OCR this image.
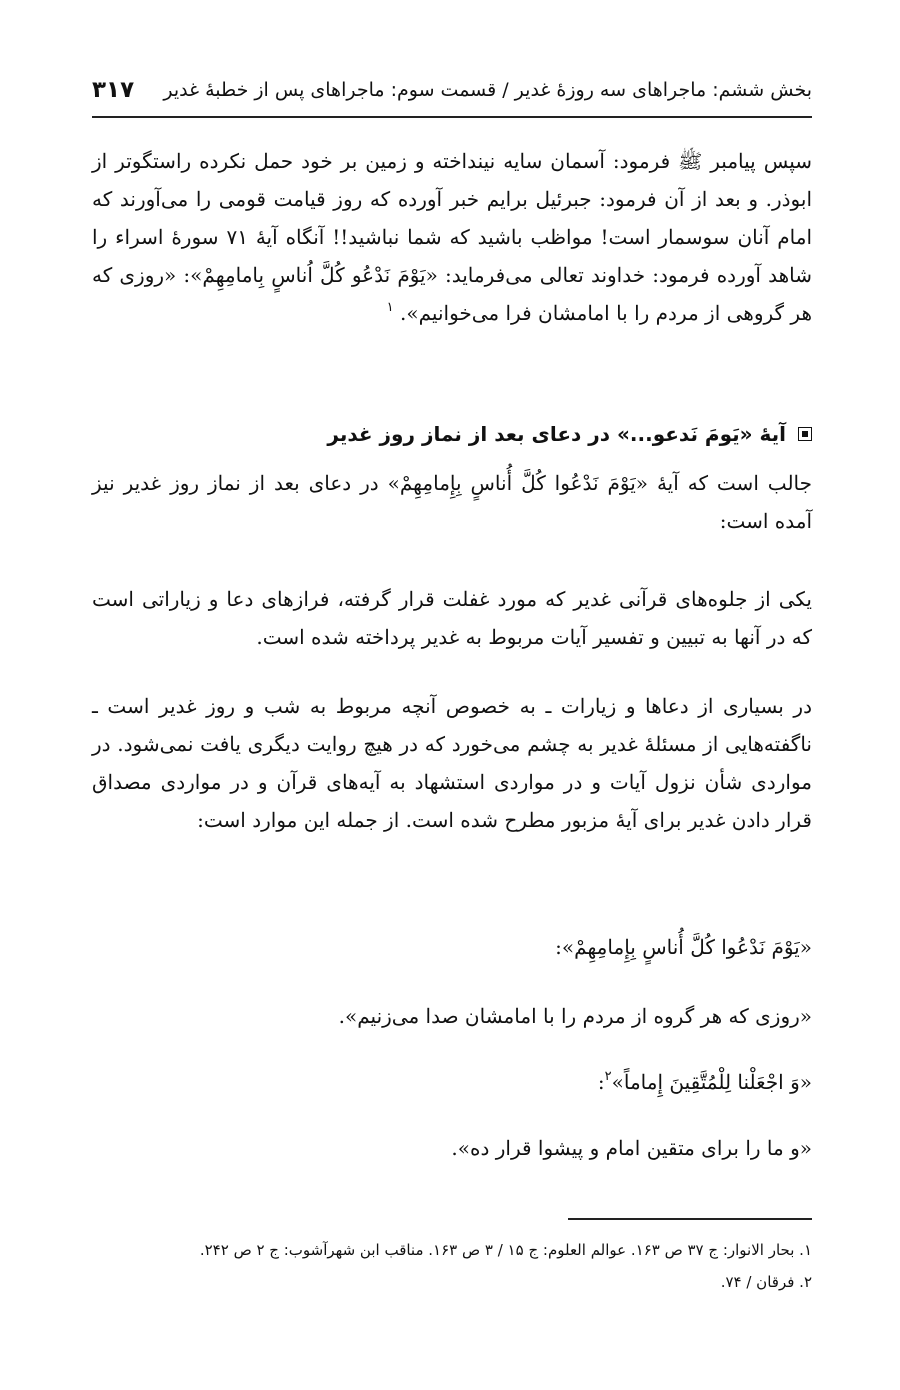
بخش ششم: ماجراهای سه روزهٔ غدیر / قسمت سوم: ماجراهای پس از خطبهٔ غدیر
۳۱۷

سپس پیامبر ﷺ فرمود: آسمان سایه نینداخته و زمین بر خود حمل نکرده راستگوتر از ابوذر. و بعد از آن فرمود: جبرئیل برایم خبر آورده که روز قیامت قومی را می‌آورند که امام آنان سوسمار است! مواظب باشید که شما نباشید!! آنگاه آیهٔ ۷۱ سورهٔ اسراء را شاهد آورده فرمود: خداوند تعالی می‌فرماید: «یَوْمَ نَدْعُو کُلَّ اُناسٍ بِامامِهِمْ»: «روزی که هر گروهی از مردم را با امامشان فرا می‌خوانیم». $^۱$

آیهٔ «یَومَ نَدعو...» در دعای بعد از نماز روز غدیر

جالب است که آیهٔ «یَوْمَ نَدْعُوا کُلَّ أُناسٍ بِإِمامِهِمْ» در دعای بعد از نماز روز غدیر نیز آمده است:

یکی از جلوه‌های قرآنی غدیر که مورد غفلت قرار گرفته، فرازهای دعا و زیاراتی است که در آنها به تبیین و تفسیر آیات مربوط به غدیر پرداخته شده است.

در بسیاری از دعاها و زیارات ـ به خصوص آنچه مربوط به شب و روز غدیر است ـ ناگفته‌هایی از مسئلهٔ غدیر به چشم می‌خورد که در هیچ روایت دیگری یافت نمی‌شود. در مواردی شأن نزول آیات و در مواردی استشهاد به آیه‌های قرآن و در مواردی مصداق قرار دادن غدیر برای آیهٔ مزبور مطرح شده است. از جمله این موارد است:

«یَوْمَ نَدْعُوا کُلَّ أُناسٍ بِإِمامِهِمْ»:
«روزی که هر گروه از مردم را با امامشان صدا می‌زنیم».
«وَ اجْعَلْنا لِلْمُتَّقِینَ إِماماً»$^۲$:
«و ما را برای متقین امام و پیشوا قرار ده».
۱. بحار الانوار: ج ۳۷ ص ۱۶۳. عوالم العلوم: ج ۱۵ / ۳ ص ۱۶۳. مناقب ابن شهرآشوب: ج ۲ ص ۲۴۲.
۲. فرقان / ۷۴.
